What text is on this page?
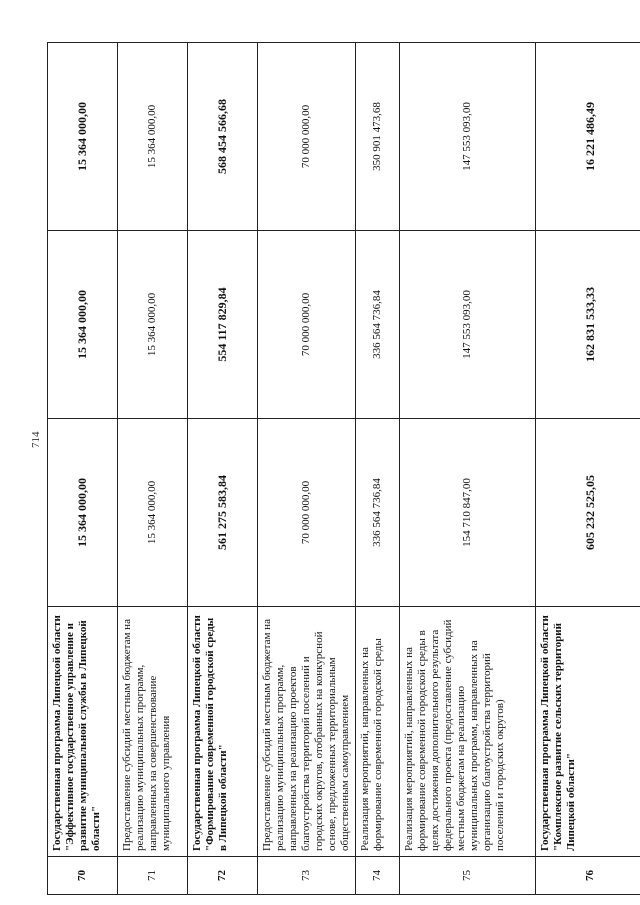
714
70	Государственная программа Липецкой области "Эффективное государственное управление и развитие муниципальной службы в Липецкой области"	15 364 000,00	15 364 000,00	15 364 000,00
71	Предоставление субсидий местным бюджетам на реализацию муниципальных программ, направленных на совершенствование муниципального управления	15 364 000,00	15 364 000,00	15 364 000,00
72	Государственная программа Липецкой области "Формирование современной городской среды в Липецкой области"	561 275 583,84	554 117 829,84	568 454 566,68
73	Предоставление субсидий местным бюджетам на реализацию муниципальных программ, направленных на реализацию проектов благоустройства территорий поселений и городских округов, отобранных на конкурсной основе, предложенных территориальным общественным самоуправлением	70 000 000,00	70 000 000,00	70 000 000,00
74	Реализация мероприятий, направленных на формирование современной городской среды	336 564 736,84	336 564 736,84	350 901 473,68
75	Реализация мероприятий, направленных на формирование современной городской среды в целях достижения дополнительного результата федерального проекта (предоставление субсидий местным бюджетам на реализацию муниципальных программ, направленных на организацию благоустройства территорий поселений и городских округов)	154 710 847,00	147 553 093,00	147 553 093,00
76	Государственная программа Липецкой области "Комплексное развитие сельских территорий Липецкой области"	605 232 525,05	162 831 533,33	16 221 486,49
